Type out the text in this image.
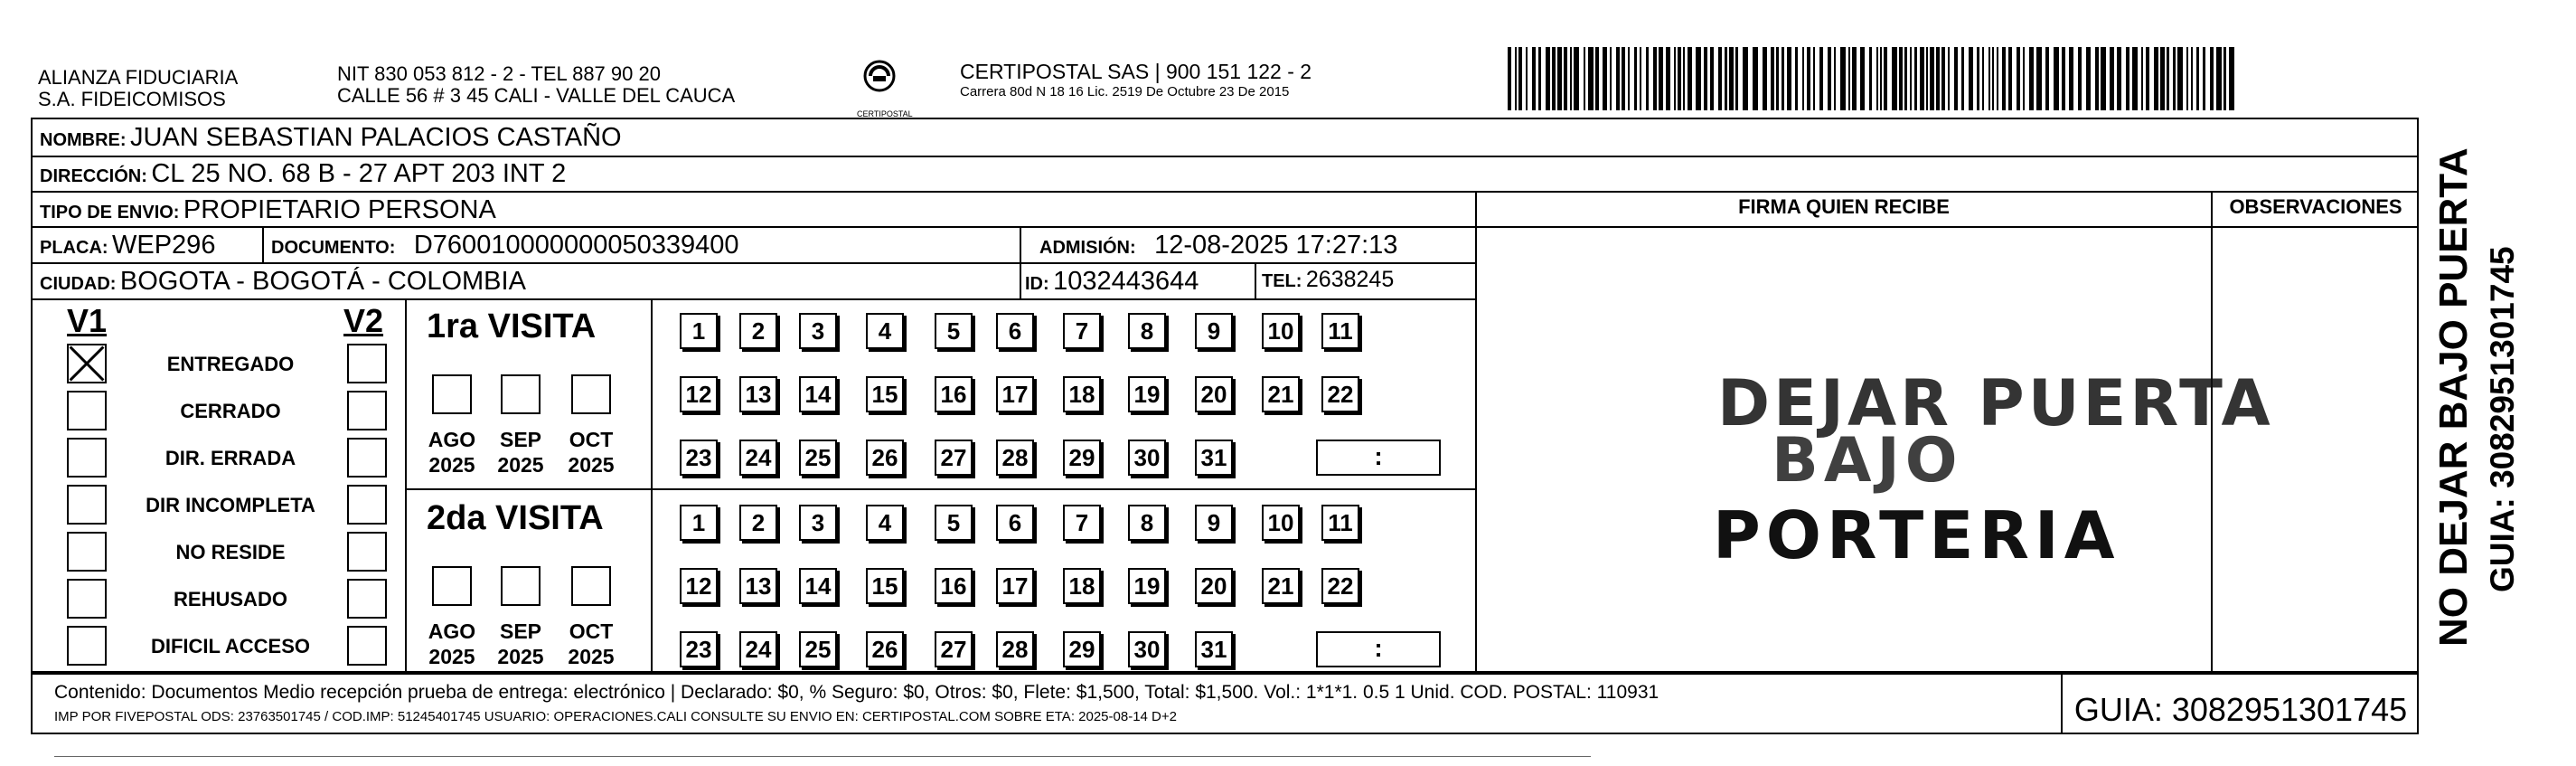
ALIANZA FIDUCIARIA
S.A. FIDEICOMISOS
NIT 830 053 812 - 2 - TEL 887 90 20
CALLE 56 # 3 45 CALI - VALLE DEL CAUCA
CERTIPOSTAL
CERTIPOSTAL SAS | 900 151 122 - 2
Carrera 80d N 18 16 Lic. 2519 De Octubre 23 De 2015
NOMBRE: JUAN SEBASTIAN PALACIOS CASTAÑO
DIRECCIÓN: CL 25 NO. 68 B - 27 APT 203 INT 2
TIPO DE ENVIO: PROPIETARIO PERSONA
PLACA: WEP296	DOCUMENTO: D760010000000050339400	ADMISIÓN: 12-08-2025 17:27:13
CIUDAD: BOGOTA - BOGOTÁ - COLOMBIA	ID: 1032443644	TEL: 2638245
FIRMA QUIEN RECIBE	OBSERVACIONES
V1	V2
ENTREGADO
CERRADO
DIR. ERRADA
DIR INCOMPLETA
NO RESIDE
REHUSADO
DIFICIL ACCESO
1ra VISITA
2da VISITA
1	2	3	4	5	6	7	8	9	10 11
12 13 14 15 16 17 18 19 20 21 22
23 24 25 26 27 28 29 30 31	:
AGO
2025
SEP
2025
OCT
2025
1	2	3	4	5	6	7	8	9	10 11
12 13 14 15 16 17 18 19 20 21 22
23 24 25 26 27 28 29 30 31	:
AGO
2025
SEP
2025
OCT
2025
DEJAR PUERTA
BAJO
PORTERIA
Contenido: Documentos Medio recepción prueba de entrega: electrónico | Declarado: $0, % Seguro: $0, Otros: $0, Flete: $1,500, Total: $1,500. Vol.: 1*1*1. 0.5 1 Unid. COD. POSTAL: 110931
IMP POR FIVEPOSTAL ODS: 23763501745 / COD.IMP: 51245401745 USUARIO: OPERACIONES.CALI CONSULTE SU ENVIO EN: CERTIPOSTAL.COM SOBRE ETA: 2025-08-14 D+2	GUIA: 3082951301745
NO DEJAR BAJO PUERTA GUIA: 3082951301745
